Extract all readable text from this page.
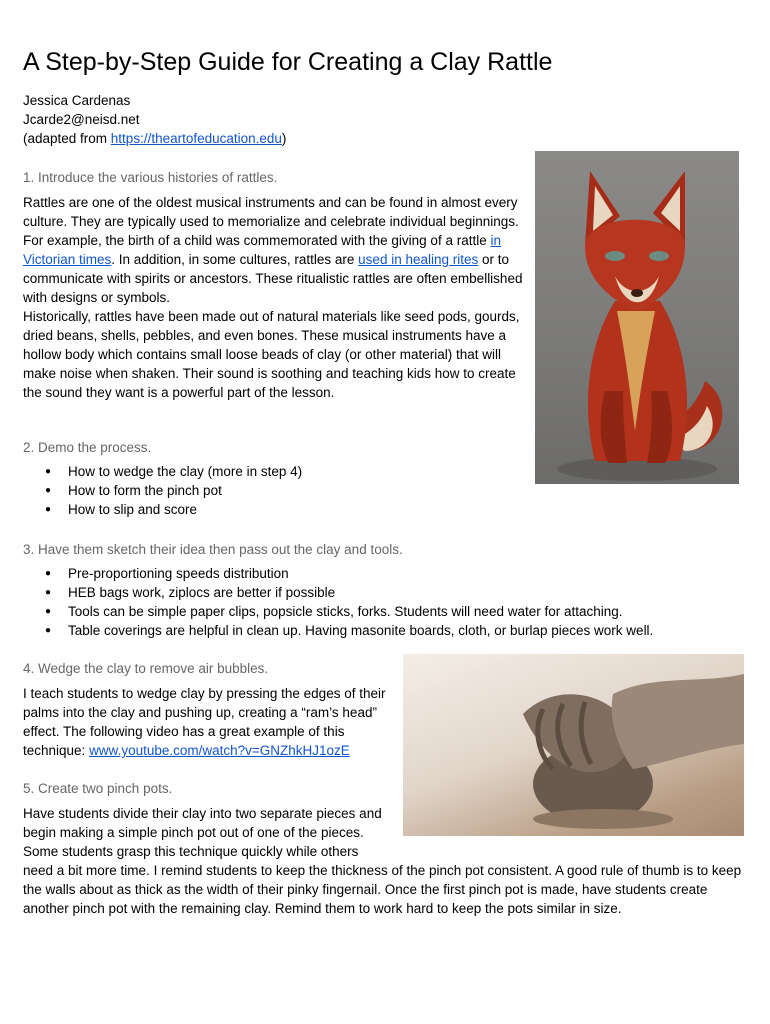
A Step-by-Step Guide for Creating a Clay Rattle
Jessica Cardenas
Jcarde2@neisd.net
(adapted from https://theartofeducation.edu)
1. Introduce the various histories of rattles.

Rattles are one of the oldest musical instruments and can be found in almost every culture. They are typically used to memorialize and celebrate individual beginnings.

For example, the birth of a child was commemorated with the giving of a rattle in Victorian times. In addition, in some cultures, rattles are used in healing rites or to communicate with spirits or ancestors. These ritualistic rattles are often embellished with designs or symbols.

Historically, rattles have been made out of natural materials like seed pods, gourds, dried beans, shells, pebbles, and even bones. These musical instruments have a hollow body which contains small loose beads of clay (or other material) that will make noise when shaken. Their sound is soothing and teaching kids how to create the sound they want is a powerful part of the lesson.

2. Demo the process.
● How to wedge the clay (more in step 4)
● How to form the pinch pot
● How to slip and score
3. Have them sketch their idea then pass out the clay and tools.
● Pre-proportioning speeds distribution
● HEB bags work, ziplocs are better if possible
● Tools can be simple paper clips, popsicle sticks, forks. Students will need water for attaching.
● Table coverings are helpful in clean up. Having masonite boards, cloth, or burlap pieces work well.
4. Wedge the clay to remove air bubbles.
I teach students to wedge clay by pressing the edges of their palms into the clay and pushing up, creating a “ram’s head” effect. The following video has a great example of this technique: www.youtube.com/watch?v=GNZhkHJ1ozE
5. Create two pinch pots.
Have students divide their clay into two separate pieces and begin making a simple pinch pot out of one of the pieces. Some students grasp this technique quickly while others
need a bit more time. I remind students to keep the thickness of the pinch pot consistent. A good rule of thumb is to keep the walls about as thick as the width of their pinky fingernail. Once the first pinch pot is made, have students create another pinch pot with the remaining clay. Remind them to work hard to keep the pots similar in size.
